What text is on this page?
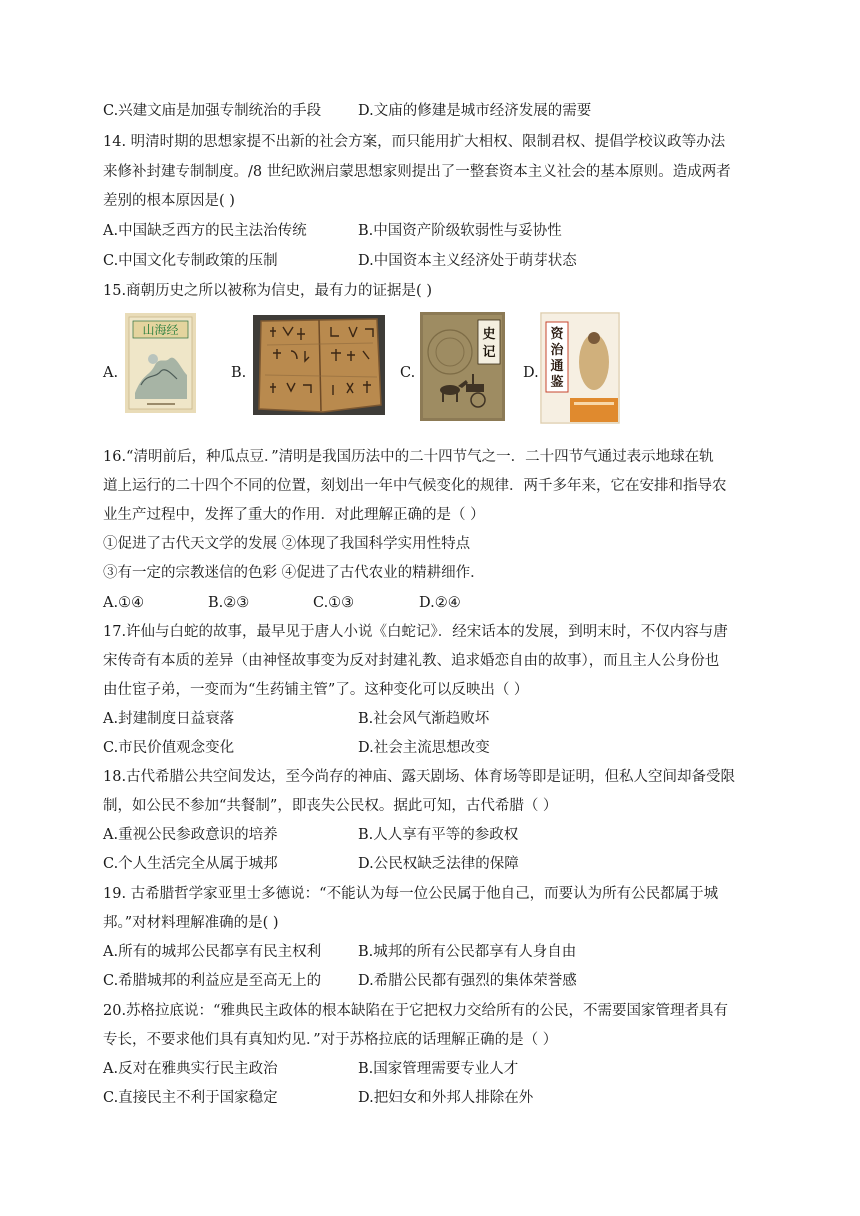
C.兴建文庙是加强专制统治的手段	D.文庙的修建是城市经济发展的需要
14. 明清时期的思想家提不出新的社会方案，而只能用扩大相权、限制君权、提倡学校议政等办法
来修补封建专制制度。/8 世纪欧洲启蒙思想家则提出了一整套资本主义社会的基本原则。造成两者
差别的根本原因是( )
A.中国缺乏西方的民主法治传统	B.中国资产阶级软弱性与妥协性
C.中国文化专制政策的压制	D.中国资本主义经济处于萌芽状态
15.商朝历史之所以被称为信史，最有力的证据是( )
A.
山海经
B.	C.
史
记
D.
资
治
通
鉴
16.“清明前后，种瓜点豆．”清明是我国历法中的二十四节气之一．二十四节气通过表示地球在轨
道上运行的二十四个不同的位置，刻划出一年中气候变化的规律．两千多年来，它在安排和指导农
业生产过程中，发挥了重大的作用．对此理解正确的是（ ）
①促进了古代天文学的发展 ②体现了我国科学实用性特点
③有一定的宗教迷信的色彩 ④促进了古代农业的精耕细作．
A.①④	B.②③	C.①③	D.②④
17.许仙与白蛇的故事，最早见于唐人小说《白蛇记》．经宋话本的发展，到明末时，不仅内容与唐
宋传奇有本质的差异（由神怪故事变为反对封建礼教、追求婚恋自由的故事），而且主人公身份也
由仕宦子弟，一变而为“生药铺主管”了。这种变化可以反映出（ ）
A.封建制度日益衰落	B.社会风气渐趋败坏
C.市民价值观念变化	D.社会主流思想改变
18.古代希腊公共空间发达，至今尚存的神庙、露天剧场、体育场等即是证明，但私人空间却备受限
制，如公民不参加“共餐制”，即丧失公民权。据此可知，古代希腊（ ）
A.重视公民参政意识的培养	B.人人享有平等的参政权
C.个人生活完全从属于城邦	D.公民权缺乏法律的保障
19. 古希腊哲学家亚里士多德说：“不能认为每一位公民属于他自己，而要认为所有公民都属于城
邦。”对材料理解准确的是( )
A.所有的城邦公民都享有民主权利	B.城邦的所有公民都享有人身自由
C.希腊城邦的利益应是至高无上的	D.希腊公民都有强烈的集体荣誉感
20.苏格拉底说：“雅典民主政体的根本缺陷在于它把权力交给所有的公民，不需要国家管理者具有
专长，不要求他们具有真知灼见．”对于苏格拉底的话理解正确的是（ ）
A.反对在雅典实行民主政治	B.国家管理需要专业人才
C.直接民主不利于国家稳定	D.把妇女和外邦人排除在外
